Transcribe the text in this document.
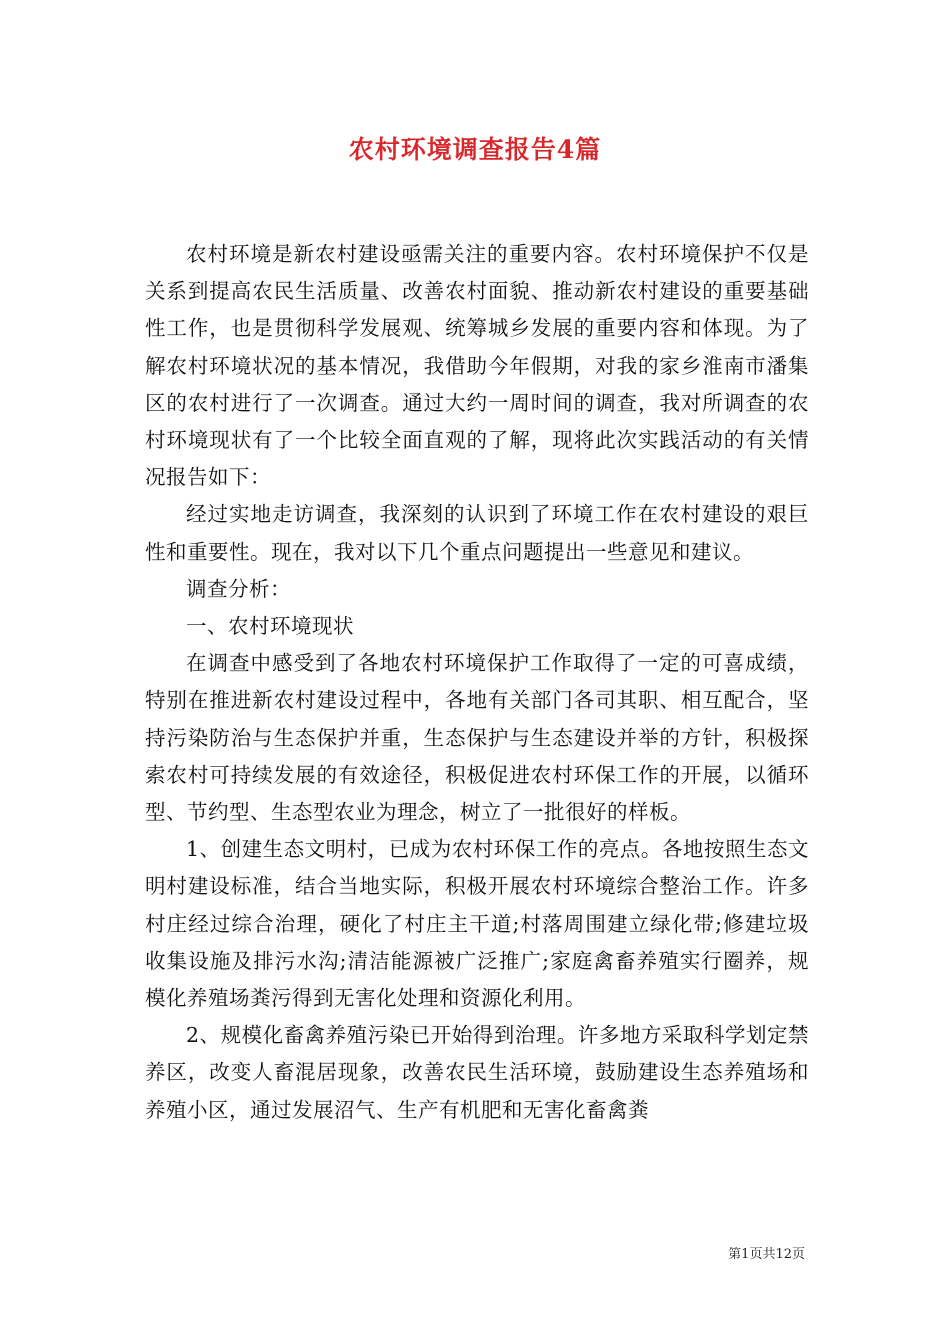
农村环境调查报告4篇

农村环境是新农村建设亟需关注的重要内容。农村环境保护不仅是关系到提高农民生活质量、改善农村面貌、推动新农村建设的重要基础性工作，也是贯彻科学发展观、统筹城乡发展的重要内容和体现。为了解农村环境状况的基本情况，我借助今年假期，对我的家乡淮南市潘集区的农村进行了一次调查。通过大约一周时间的调查，我对所调查的农村环境现状有了一个比较全面直观的了解，现将此次实践活动的有关情况报告如下：

经过实地走访调查，我深刻的认识到了环境工作在农村建设的艰巨性和重要性。现在，我对以下几个重点问题提出一些意见和建议。

调查分析：

一、农村环境现状

在调查中感受到了各地农村环境保护工作取得了一定的可喜成绩，特别在推进新农村建设过程中，各地有关部门各司其职、相互配合，坚持污染防治与生态保护并重，生态保护与生态建设并举的方针，积极探索农村可持续发展的有效途径，积极促进农村环保工作的开展，以循环型、节约型、生态型农业为理念，树立了一批很好的样板。

1、创建生态文明村，已成为农村环保工作的亮点。各地按照生态文明村建设标准，结合当地实际，积极开展农村环境综合整治工作。许多村庄经过综合治理，硬化了村庄主干道;村落周围建立绿化带;修建垃圾收集设施及排污水沟;清洁能源被广泛推广;家庭禽畜养殖实行圈养，规模化养殖场粪污得到无害化处理和资源化利用。

2、规模化畜禽养殖污染已开始得到治理。许多地方采取科学划定禁养区，改变人畜混居现象，改善农民生活环境，鼓励建设生态养殖场和养殖小区，通过发展沼气、生产有机肥和无害化畜禽粪

第1页共12页
